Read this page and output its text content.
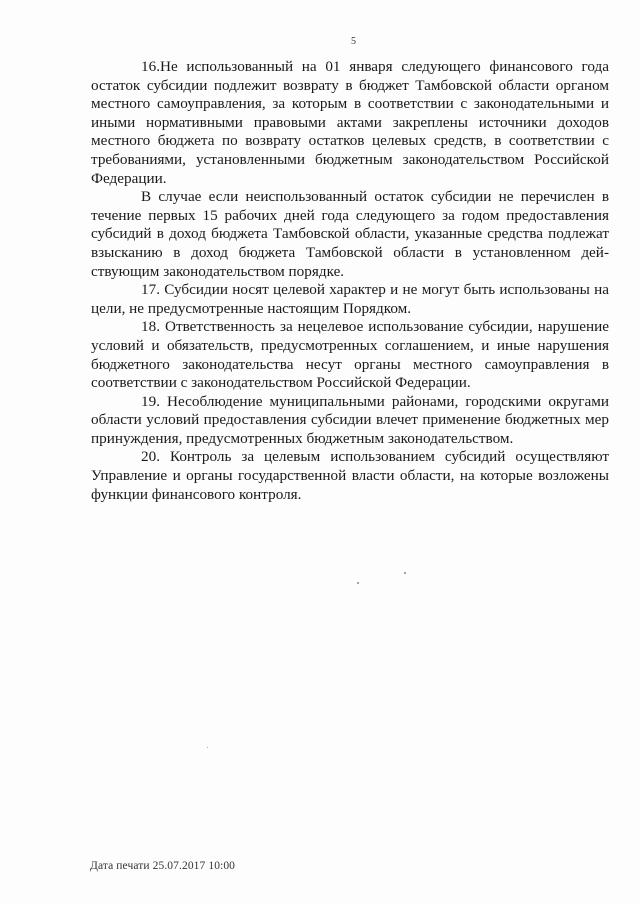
5

16.Не использованный на 01 января следующего финансового года остаток субсидии подлежит возврату в бюджет Тамбовской области органом местного самоуправления, за которым в соответствии с законодательными и иными нормативными правовыми актами закреплены источники доходов местного бюджета по возврату остатков целевых средств, в соответствии с требованиями, установленными бюджетным законодательством Российской Федерации.

В случае если неиспользованный остаток субсидии не перечислен в течение первых 15 рабочих дней года следующего за годом предоставления субсидий в доход бюджета Тамбовской области, указанные средства подлежат взысканию в доход бюджета Тамбовской области в установленном действующим законодательством порядке.

17. Субсидии носят целевой характер и не могут быть использованы на цели, не предусмотренные настоящим Порядком.

18. Ответственность за нецелевое использование субсидии, нарушение условий и обязательств, предусмотренных соглашением, и иные нарушения бюджетного законодательства несут органы местного самоуправления в соответствии с законодательством Российской Федерации.

19. Несоблюдение муниципальными районами, городскими округами области условий предоставления субсидии влечет применение бюджетных мер принуждения, предусмотренных бюджетным законодательством.

20. Контроль за целевым использованием субсидий осуществляют Управление и органы государственной власти области, на которые возложены функции финансового контроля.

Дата печати 25.07.2017 10:00
